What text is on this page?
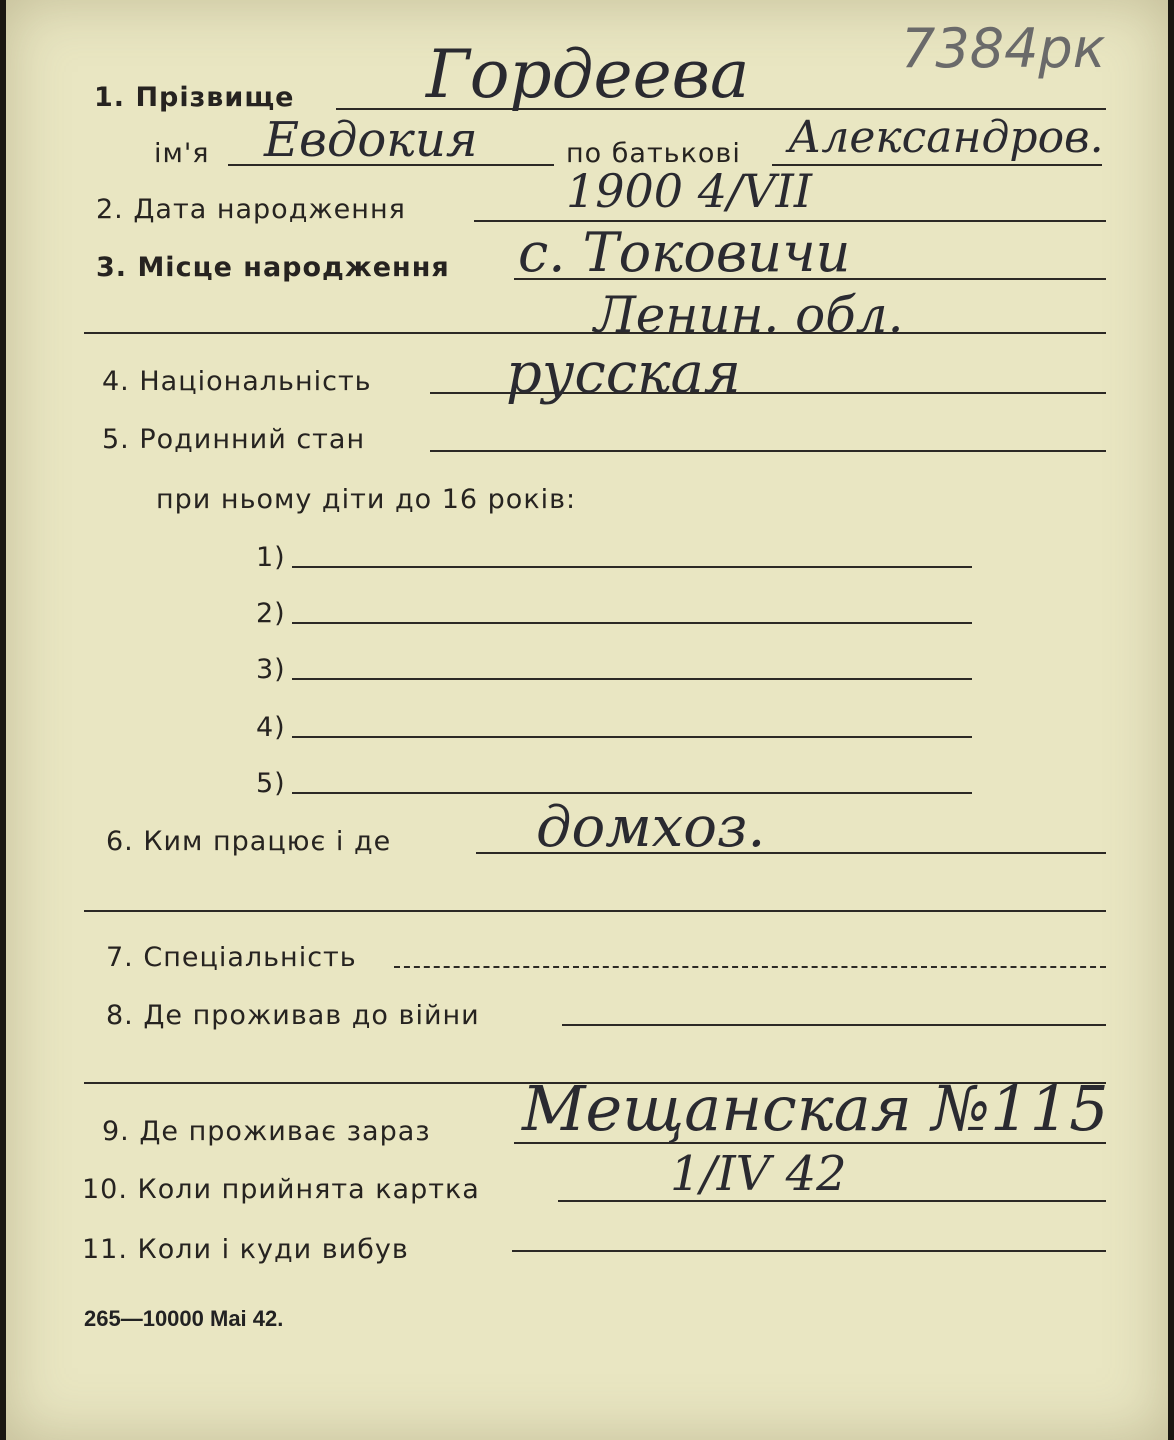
7384рк
1. Прізвище Гордеева
ім'я Евдокия	по батькові Александров.
2. Дата народження	1900 4/VII
3. Місце народження с. Токовичи
Ленин. обл.
4. Національність русская
5. Родинний стан
при ньому діти до 16 років:
1)
2)
3)
4)
5)
6. Ким працює і де	домхоз.
7. Спеціальність
8. Де проживав до війни
9. Де проживає зараз Мещанская №115
10. Коли прийнята картка	1/IV 42
11. Коли і куди вибув
265—10000 Mai 42.
